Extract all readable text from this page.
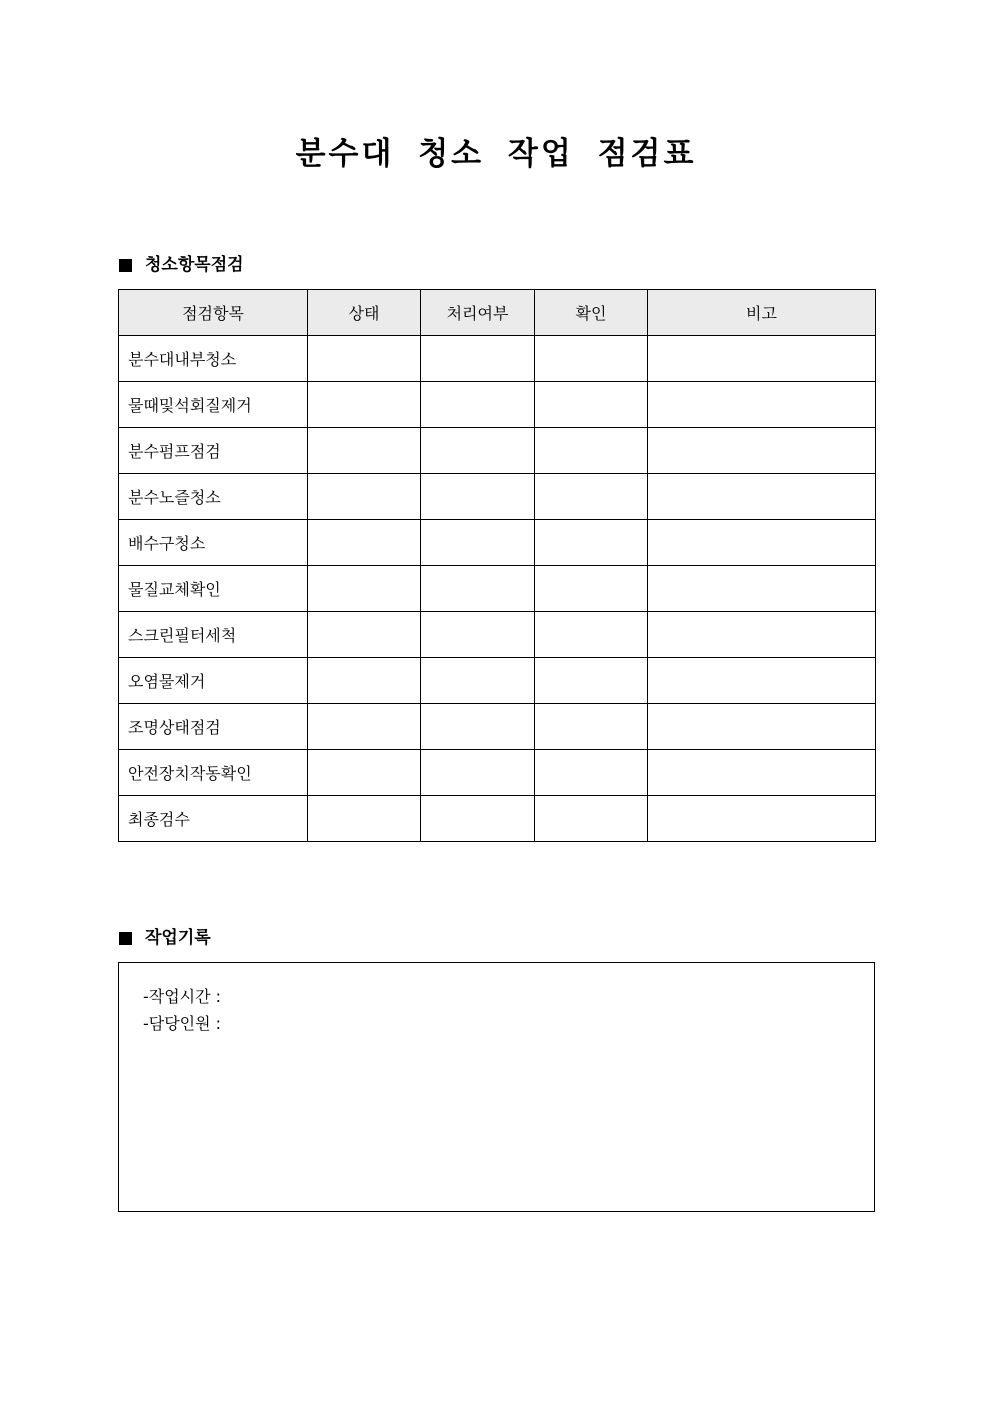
분수대 청소 작업 점검표
청소항목점검
점검항목	상태	처리여부	확인	비고
분수대내부청소				
물때및석회질제거				
분수펌프점검				
분수노즐청소				
배수구청소				
물질교체확인				
스크린필터세척				
오염물제거				
조명상태점검				
안전장치작동확인				
최종검수				
작업기록
-작업시간 :
-담당인원 :
